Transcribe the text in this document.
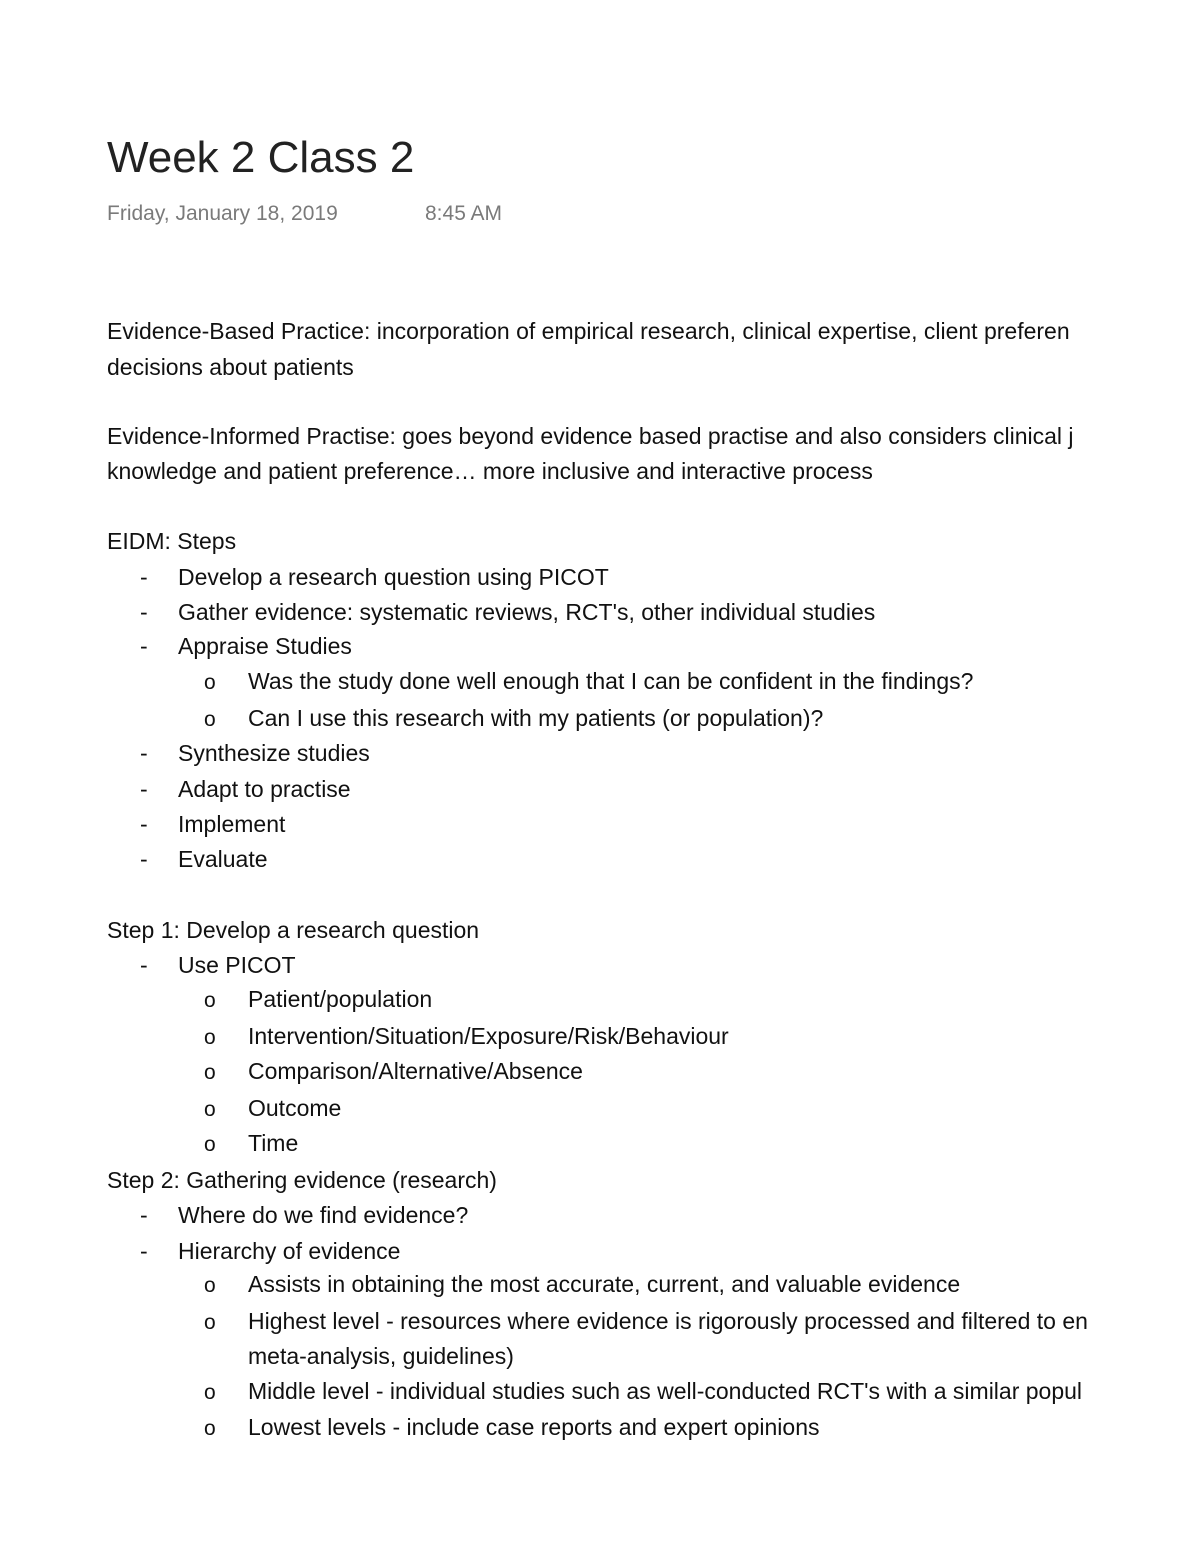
Week 2 Class 2
Friday, January 18, 2019	8:45 AM
Evidence-Based Practice: incorporation of empirical research, clinical expertise, client preferen
decisions about patients
Evidence-Informed Practise: goes beyond evidence based practise and also considers clinical j
knowledge and patient preference… more inclusive and interactive process
EIDM: Steps
- Develop a research question using PICOT
- Gather evidence: systematic reviews, RCT's, other individual studies
- Appraise Studies
o Was the study done well enough that I can be confident in the findings?
o Can I use this research with my patients (or population)?
- Synthesize studies
- Adapt to practise
- Implement
- Evaluate
Step 1: Develop a research question
- Use PICOT
o Patient/population
o Intervention/Situation/Exposure/Risk/Behaviour
o Comparison/Alternative/Absence
o Outcome
o Time
Step 2: Gathering evidence (research)
- Where do we find evidence?
- Hierarchy of evidence
o Assists in obtaining the most accurate, current, and valuable evidence
o Highest level - resources where evidence is rigorously processed and filtered to en
meta-analysis, guidelines)
o Middle level - individual studies such as well-conducted RCT's with a similar popul
o Lowest levels - include case reports and expert opinions
